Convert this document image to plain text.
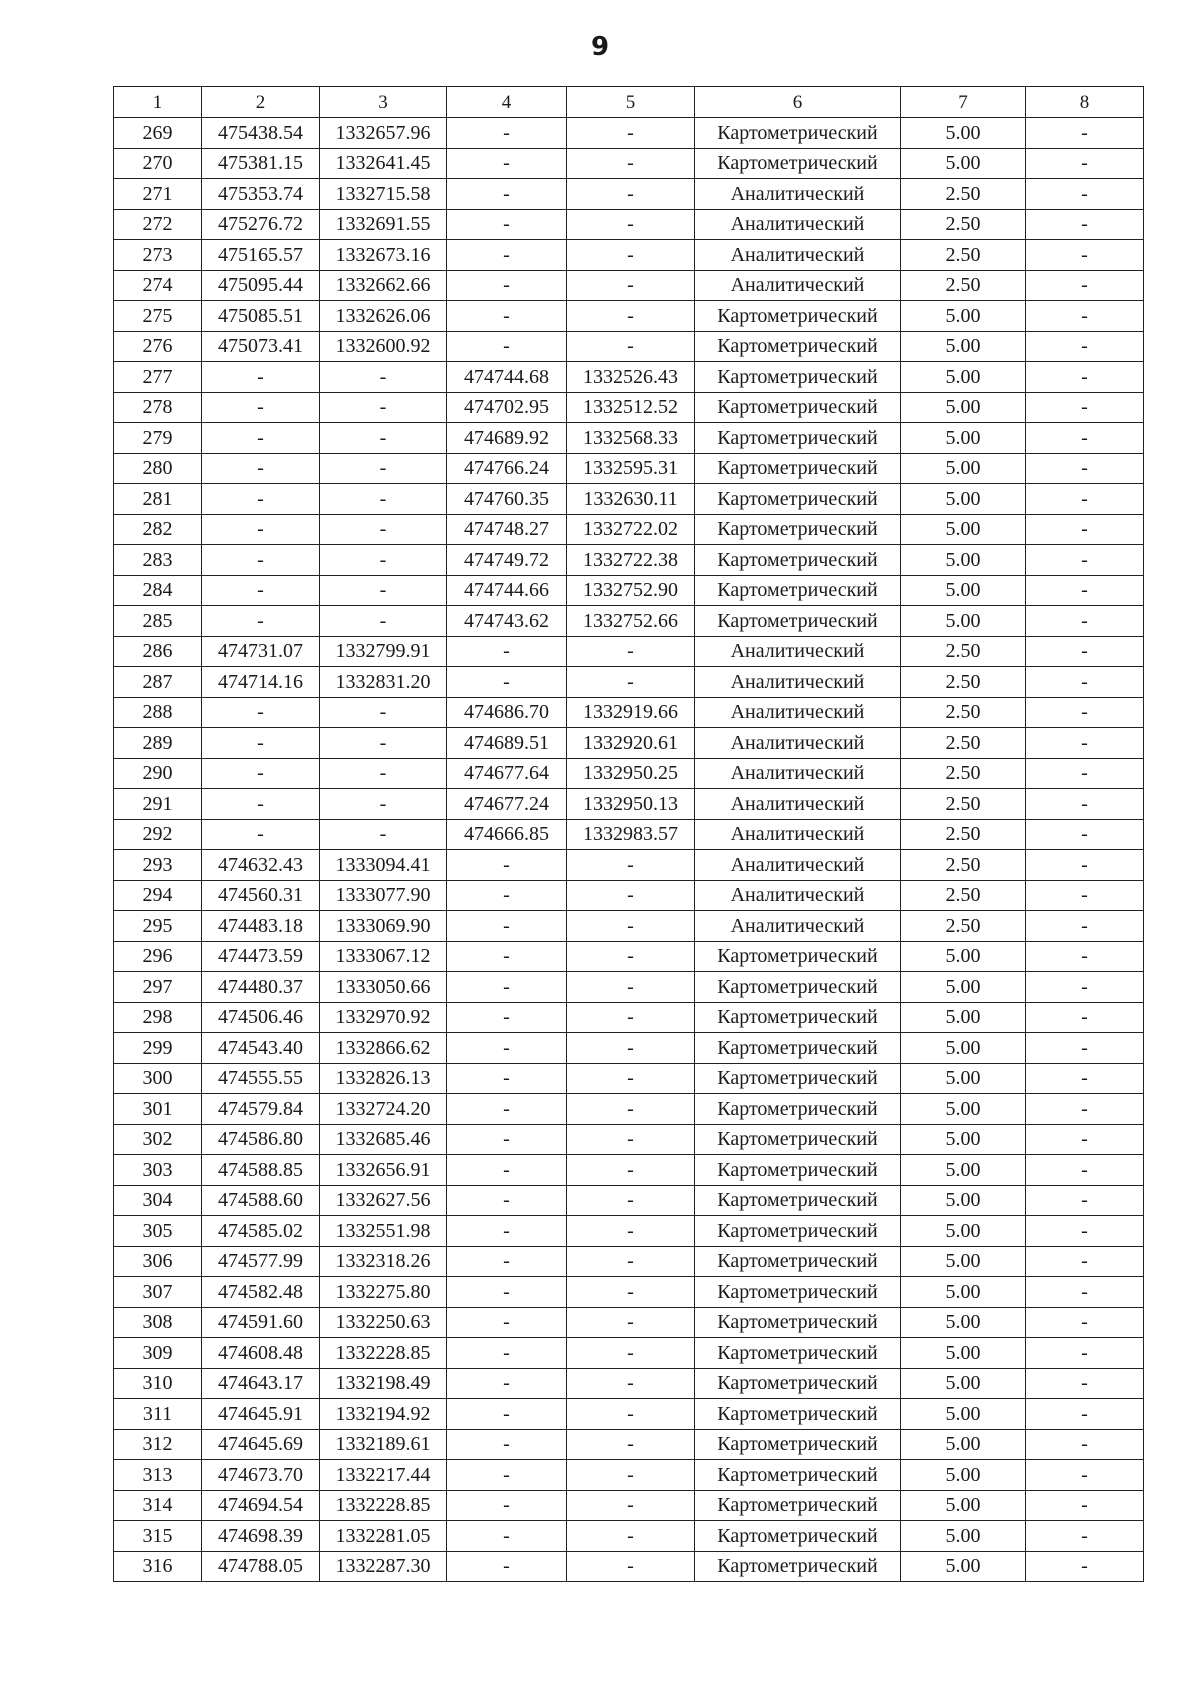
9
1	2	3	4	5	6	7	8
269	475438.54	1332657.96	-	-	Картометрический	5.00	-
270	475381.15	1332641.45	-	-	Картометрический	5.00	-
271	475353.74	1332715.58	-	-	Аналитический	2.50	-
272	475276.72	1332691.55	-	-	Аналитический	2.50	-
273	475165.57	1332673.16	-	-	Аналитический	2.50	-
274	475095.44	1332662.66	-	-	Аналитический	2.50	-
275	475085.51	1332626.06	-	-	Картометрический	5.00	-
276	475073.41	1332600.92	-	-	Картометрический	5.00	-
277	-	-	474744.68	1332526.43	Картометрический	5.00	-
278	-	-	474702.95	1332512.52	Картометрический	5.00	-
279	-	-	474689.92	1332568.33	Картометрический	5.00	-
280	-	-	474766.24	1332595.31	Картометрический	5.00	-
281	-	-	474760.35	1332630.11	Картометрический	5.00	-
282	-	-	474748.27	1332722.02	Картометрический	5.00	-
283	-	-	474749.72	1332722.38	Картометрический	5.00	-
284	-	-	474744.66	1332752.90	Картометрический	5.00	-
285	-	-	474743.62	1332752.66	Картометрический	5.00	-
286	474731.07	1332799.91	-	-	Аналитический	2.50	-
287	474714.16	1332831.20	-	-	Аналитический	2.50	-
288	-	-	474686.70	1332919.66	Аналитический	2.50	-
289	-	-	474689.51	1332920.61	Аналитический	2.50	-
290	-	-	474677.64	1332950.25	Аналитический	2.50	-
291	-	-	474677.24	1332950.13	Аналитический	2.50	-
292	-	-	474666.85	1332983.57	Аналитический	2.50	-
293	474632.43	1333094.41	-	-	Аналитический	2.50	-
294	474560.31	1333077.90	-	-	Аналитический	2.50	-
295	474483.18	1333069.90	-	-	Аналитический	2.50	-
296	474473.59	1333067.12	-	-	Картометрический	5.00	-
297	474480.37	1333050.66	-	-	Картометрический	5.00	-
298	474506.46	1332970.92	-	-	Картометрический	5.00	-
299	474543.40	1332866.62	-	-	Картометрический	5.00	-
300	474555.55	1332826.13	-	-	Картометрический	5.00	-
301	474579.84	1332724.20	-	-	Картометрический	5.00	-
302	474586.80	1332685.46	-	-	Картометрический	5.00	-
303	474588.85	1332656.91	-	-	Картометрический	5.00	-
304	474588.60	1332627.56	-	-	Картометрический	5.00	-
305	474585.02	1332551.98	-	-	Картометрический	5.00	-
306	474577.99	1332318.26	-	-	Картометрический	5.00	-
307	474582.48	1332275.80	-	-	Картометрический	5.00	-
308	474591.60	1332250.63	-	-	Картометрический	5.00	-
309	474608.48	1332228.85	-	-	Картометрический	5.00	-
310	474643.17	1332198.49	-	-	Картометрический	5.00	-
311	474645.91	1332194.92	-	-	Картометрический	5.00	-
312	474645.69	1332189.61	-	-	Картометрический	5.00	-
313	474673.70	1332217.44	-	-	Картометрический	5.00	-
314	474694.54	1332228.85	-	-	Картометрический	5.00	-
315	474698.39	1332281.05	-	-	Картометрический	5.00	-
316	474788.05	1332287.30	-	-	Картометрический	5.00	-
